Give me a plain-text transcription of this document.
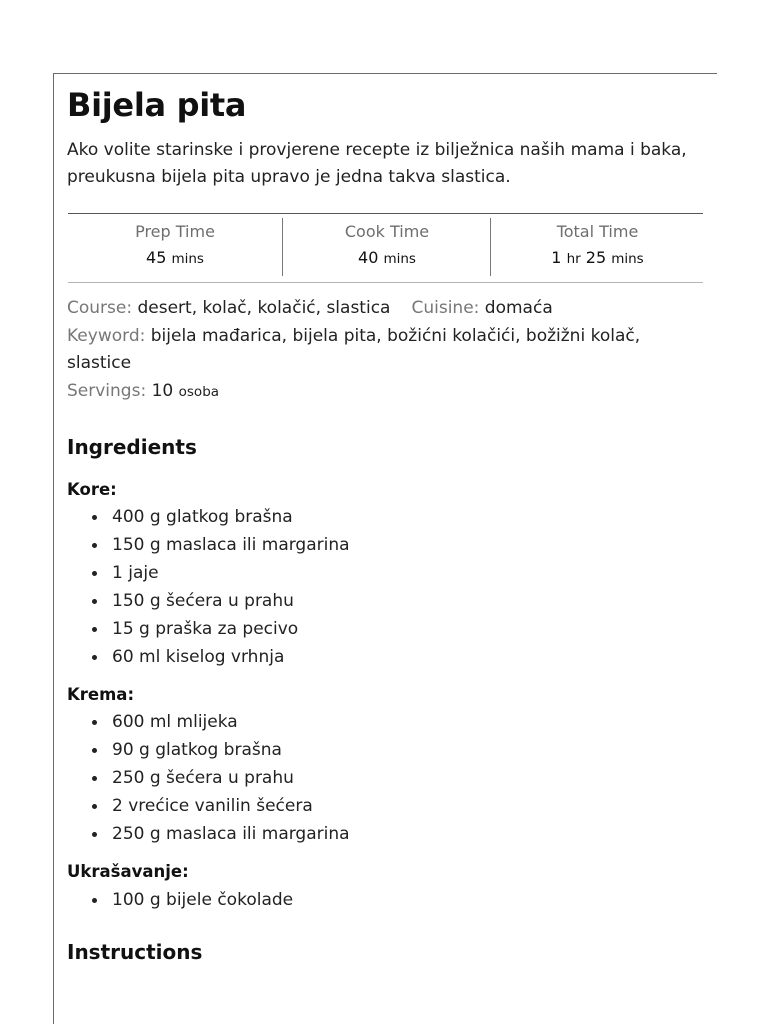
Bijela pita

Ako volite starinske i provjerene recepte iz bilježnica naših mama i baka, preukusna bijela pita upravo je jedna takva slastica.

Prep Time
45 mins
Cook Time
40 mins
Total Time
1 hr 25 mins

Course: desert, kolač, kolačić, slastica Cuisine: domaća

Keyword: bijela mađarica, bijela pita, božićni kolačići, božižni kolač, slastice

Servings: 10 osoba

Ingredients
Kore:
400 g glatkog brašna
150 g maslaca ili margarina
1 jaje
150 g šećera u prahu
15 g praška za pecivo
60 ml kiselog vrhnja
Krema:
600 ml mlijeka
90 g glatkog brašna
250 g šećera u prahu
2 vrećice vanilin šećera
250 g maslaca ili margarina
Ukrašavanje:
100 g bijele čokolade
Instructions
